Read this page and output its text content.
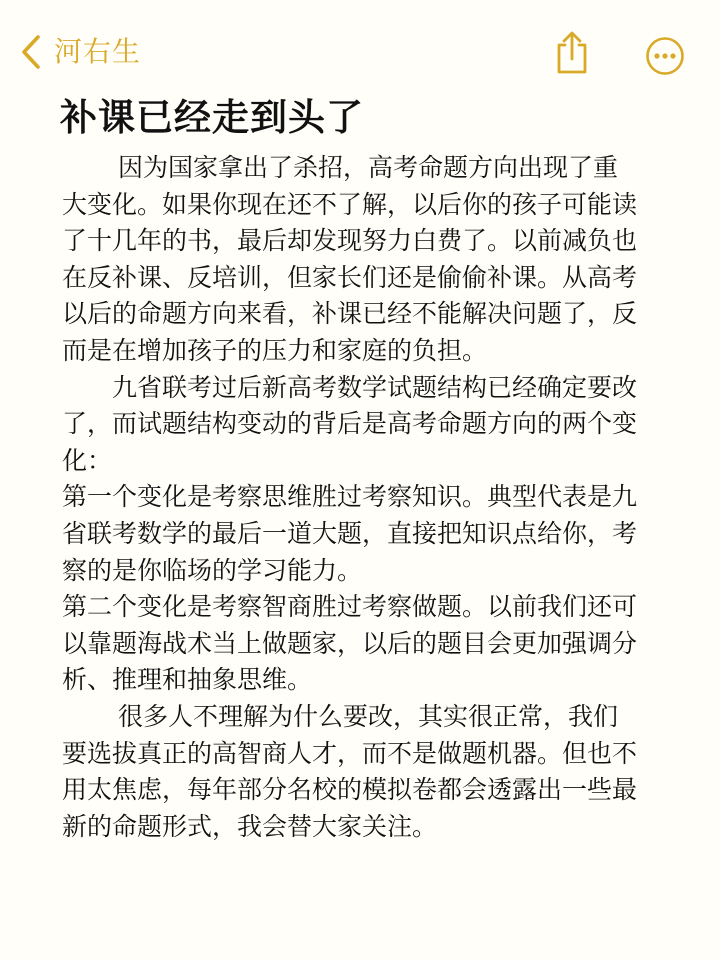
河右生
补课已经走到头了

因为国家拿出了杀招，高考命题方向出现了重大变化。如果你现在还不了解，以后你的孩子可能读了十几年的书，最后却发现努力白费了。以前减负也在反补课、反培训，但家长们还是偷偷补课。从高考以后的命题方向来看，补课已经不能解决问题了，反而是在增加孩子的压力和家庭的负担。

九省联考过后新高考数学试题结构已经确定要改了，而试题结构变动的背后是高考命题方向的两个变化：

第一个变化是考察思维胜过考察知识。典型代表是九省联考数学的最后一道大题，直接把知识点给你，考察的是你临场的学习能力。

第二个变化是考察智商胜过考察做题。以前我们还可以靠题海战术当上做题家，以后的题目会更加强调分析、推理和抽象思维。

很多人不理解为什么要改，其实很正常，我们要选拔真正的高智商人才，而不是做题机器。但也不用太焦虑，每年部分名校的模拟卷都会透露出一些最新的命题形式，我会替大家关注。
